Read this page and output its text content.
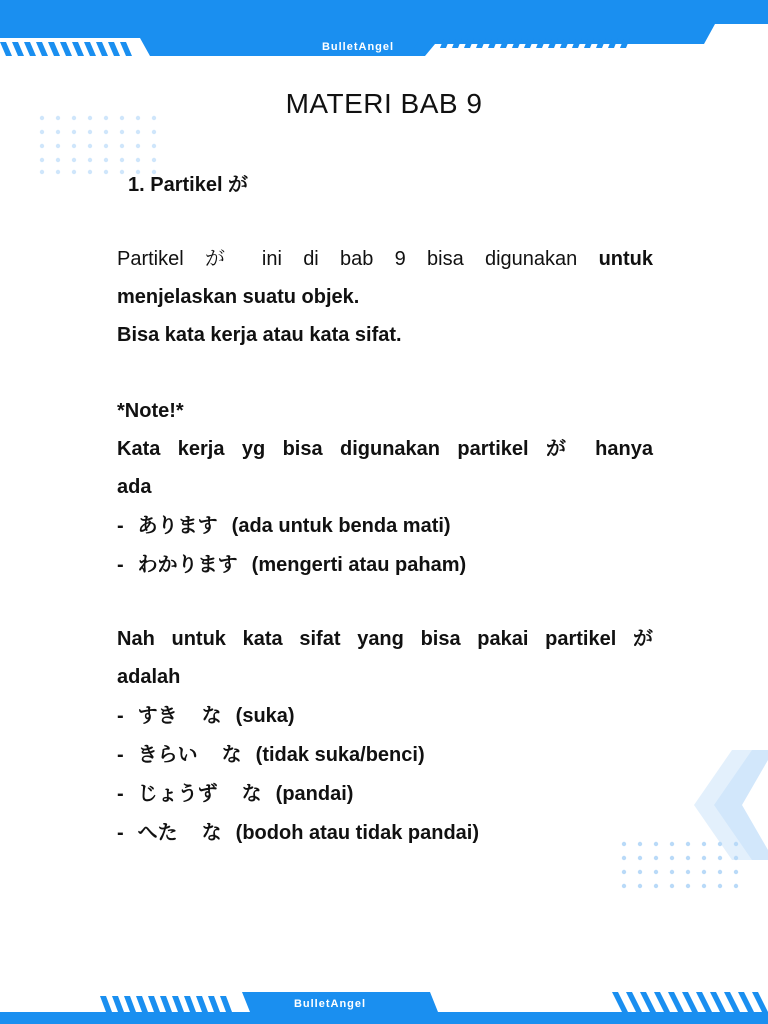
BulletAngel
BulletAngel
MATERI BAB 9
1. Partikel が
Partikel が ini di bab 9 bisa digunakan untuk
menjelaskan suatu objek.
Bisa kata kerja atau kata sifat.
*Note!*
Kata kerja yg bisa digunakan partikel が hanya
ada
- あります (ada untuk benda mati)
- わかります (mengerti atau paham)
Nah untuk kata sifat yang bisa pakai partikel が
adalah
- すき な (suka)
- きらい な (tidak suka/benci)
- じょうず な (pandai)
- へた な (bodoh atau tidak pandai)
